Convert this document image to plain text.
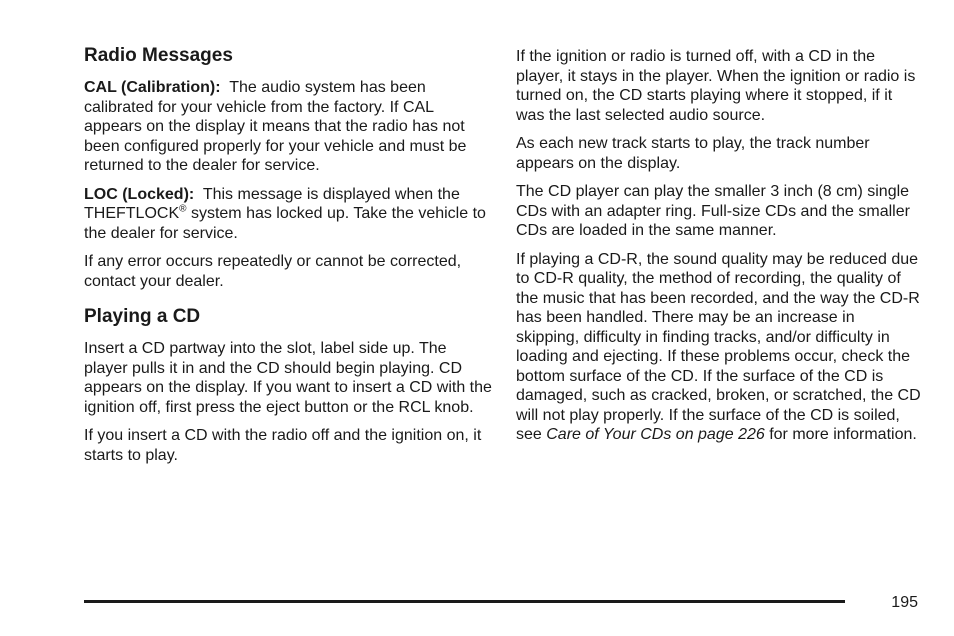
Radio Messages

CAL (Calibration): The audio system has been calibrated for your vehicle from the factory. If CAL appears on the display it means that the radio has not been configured properly for your vehicle and must be returned to the dealer for service.

LOC (Locked): This message is displayed when the THEFTLOCK® system has locked up. Take the vehicle to the dealer for service.

If any error occurs repeatedly or cannot be corrected, contact your dealer.

Playing a CD

Insert a CD partway into the slot, label side up. The player pulls it in and the CD should begin playing. CD appears on the display. If you want to insert a CD with the ignition off, first press the eject button or the RCL knob.

If you insert a CD with the radio off and the ignition on, it starts to play.

If the ignition or radio is turned off, with a CD in the player, it stays in the player. When the ignition or radio is turned on, the CD starts playing where it stopped, if it was the last selected audio source.

As each new track starts to play, the track number appears on the display.

The CD player can play the smaller 3 inch (8 cm) single CDs with an adapter ring. Full-size CDs and the smaller CDs are loaded in the same manner.

If playing a CD-R, the sound quality may be reduced due to CD-R quality, the method of recording, the quality of the music that has been recorded, and the way the CD-R has been handled. There may be an increase in skipping, difficulty in finding tracks, and/or difficulty in loading and ejecting. If these problems occur, check the bottom surface of the CD. If the surface of the CD is damaged, such as cracked, broken, or scratched, the CD will not play properly. If the surface of the CD is soiled, see Care of Your CDs on page 226 for more information.

195
